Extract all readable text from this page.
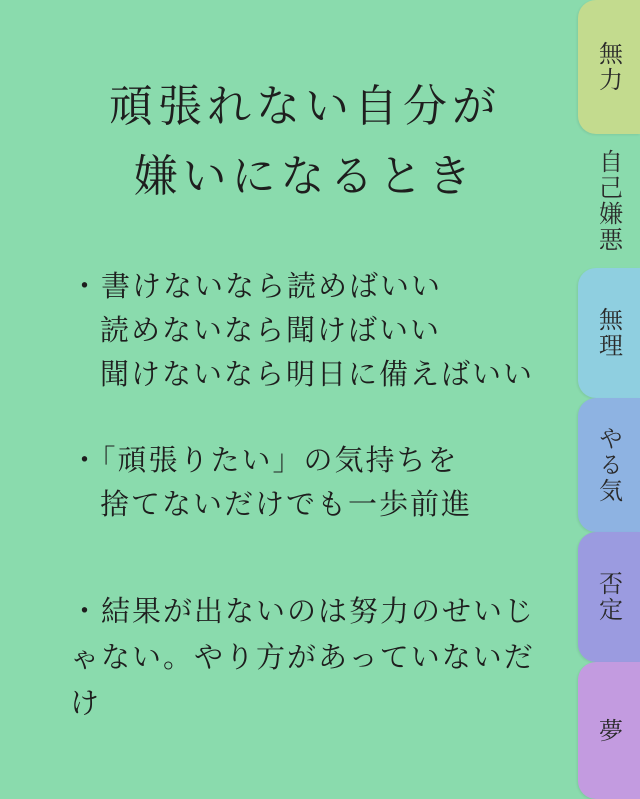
頑張れない自分が
嫌いになるとき
・書けないなら読めばいい
読めないなら聞けばいい
聞けないなら明日に備えばいい
・「頑張りたい」の気持ちを
捨てないだけでも一歩前進
・結果が出ないのは努力のせいじ
ゃない。やり方があっていないだ
け
無力
自己嫌悪
無理
やる気
否定
夢
